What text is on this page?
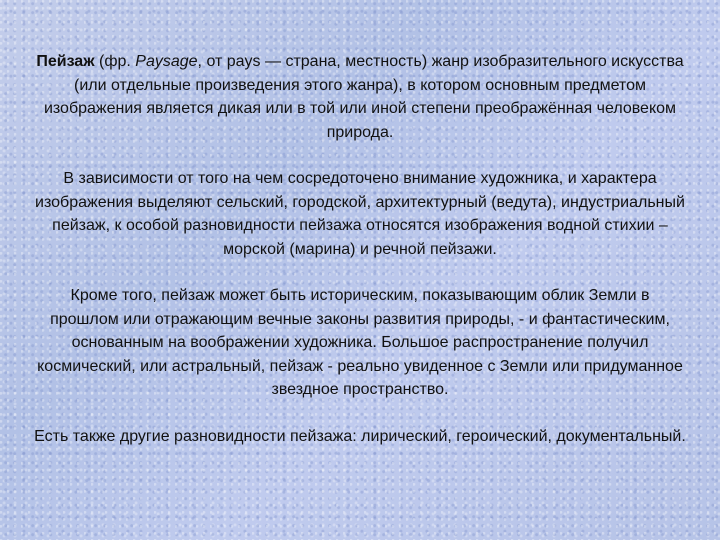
Пейзаж (фр. Paysage, от pays — страна, местность) жанр изобразительного искусства (или отдельные произведения этого жанра), в котором основным предметом изображения является дикая или в той или иной степени преображённая человеком природа.

В зависимости от того на чем сосредоточено внимание художника, и характера изображения выделяют сельский, городской, архитектурный (ведута), индустриальный пейзаж, к особой разновидности пейзажа относятся изображения водной стихии – морской (марина) и речной пейзажи.

Кроме того, пейзаж может быть историческим, показывающим облик Земли в прошлом или отражающим вечные законы развития природы, - и фантастическим, основанным на воображении художника. Большое распространение получил космический, или астральный, пейзаж - реально увиденное с Земли или придуманное звездное пространство.

Есть также другие разновидности пейзажа: лирический, героический, документальный.
